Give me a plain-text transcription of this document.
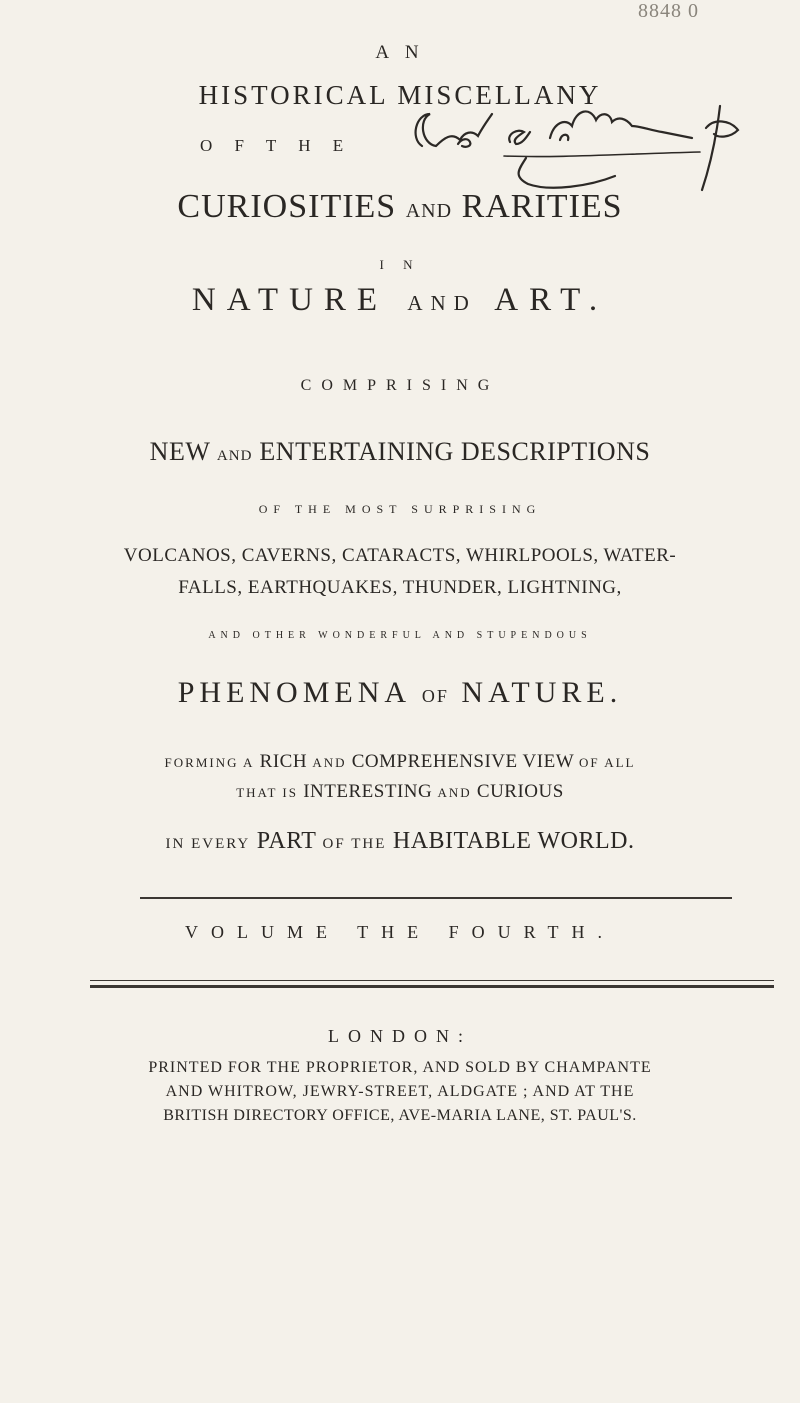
8848 0
A N
HISTORICAL MISCELLANY
O F T H E
CURIOSITIES AND RARITIES
I N
NATURE AND ART.
COMPRISING
NEW AND ENTERTAINING DESCRIPTIONS
OF THE MOST SURPRISING
VOLCANOS, CAVERNS, CATARACTS, WHIRLPOOLS, WATER-
FALLS, EARTHQUAKES, THUNDER, LIGHTNING,
AND OTHER WONDERFUL AND STUPENDOUS
PHENOMENA OF NATURE.
FORMING A RICH AND COMPREHENSIVE VIEW OF ALL
THAT IS INTERESTING AND CURIOUS
IN EVERY PART OF THE HABITABLE WORLD.
VOLUME THE FOURTH.
LONDON:
PRINTED FOR THE PROPRIETOR, AND SOLD BY CHAMPANTE
AND WHITROW, JEWRY-STREET, ALDGATE ; AND AT THE
BRITISH DIRECTORY OFFICE, AVE-MARIA LANE, ST. PAUL'S.
